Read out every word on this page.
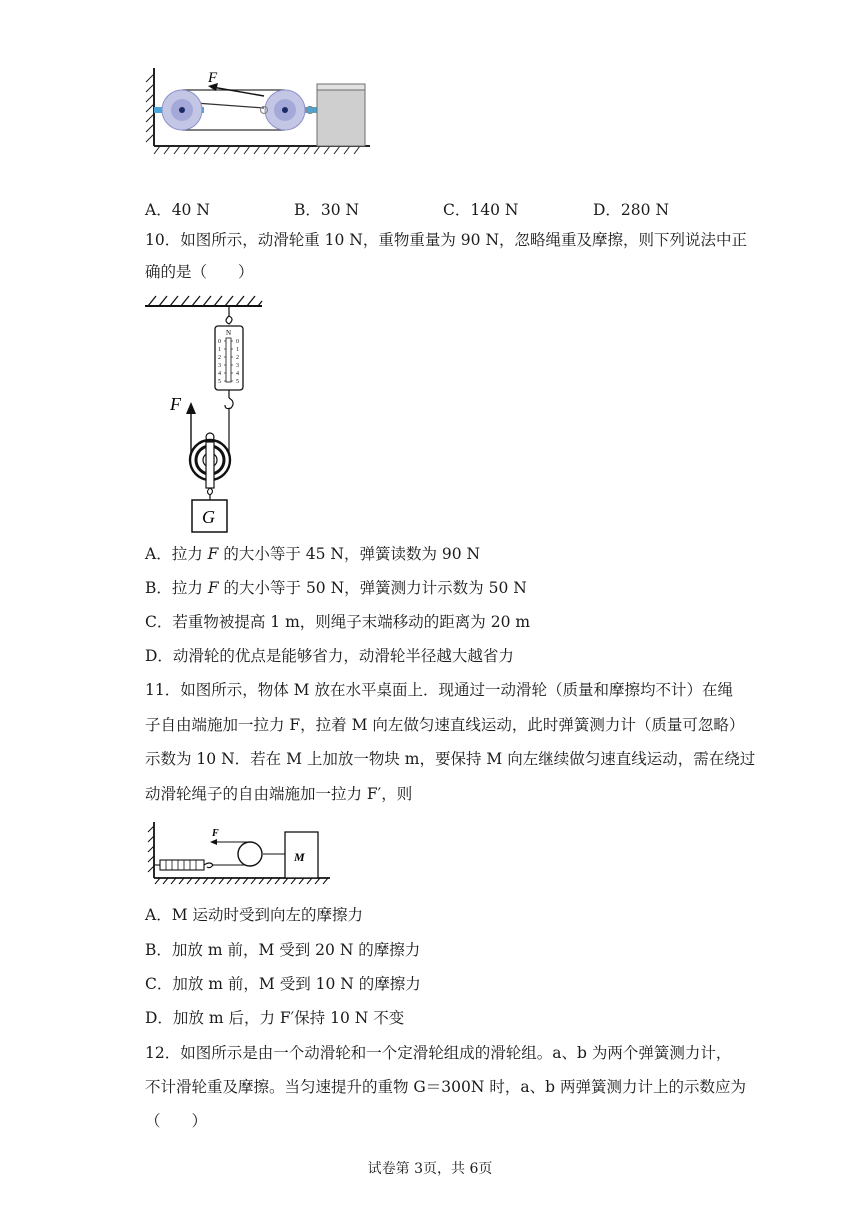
F
A．40 N	B．30 N	C．140 N	D．280 N
10．如图所示，动滑轮重 10 N，重物重量为 90 N，忽略绳重及摩擦，则下列说法中正
确的是（　　）
N
0
1
2
3
4
5
0
1
2
3
4
5
F
G
A．拉力 F 的大小等于 45 N，弹簧读数为 90 N
B．拉力 F 的大小等于 50 N，弹簧测力计示数为 50 N
C．若重物被提高 1 m，则绳子末端移动的距离为 20 m
D．动滑轮的优点是能够省力，动滑轮半径越大越省力
11．如图所示，物体 M 放在水平桌面上．现通过一动滑轮（质量和摩擦均不计）在绳
子自由端施加一拉力 F，拉着 M 向左做匀速直线运动，此时弹簧测力计（质量可忽略）
示数为 10 N．若在 M 上加放一物块 m，要保持 M 向左继续做匀速直线运动，需在绕过
动滑轮绳子的自由端施加一拉力 F′，则
F
M
A．M 运动时受到向左的摩擦力
B．加放 m 前，M 受到 20 N 的摩擦力
C．加放 m 前，M 受到 10 N 的摩擦力
D．加放 m 后，力 F′保持 10 N 不变
12．如图所示是由一个动滑轮和一个定滑轮组成的滑轮组。a、b 为两个弹簧测力计，
不计滑轮重及摩擦。当匀速提升的重物 G＝300N 时，a、b 两弹簧测力计上的示数应为
（　　）
试卷第 3页，共 6页
